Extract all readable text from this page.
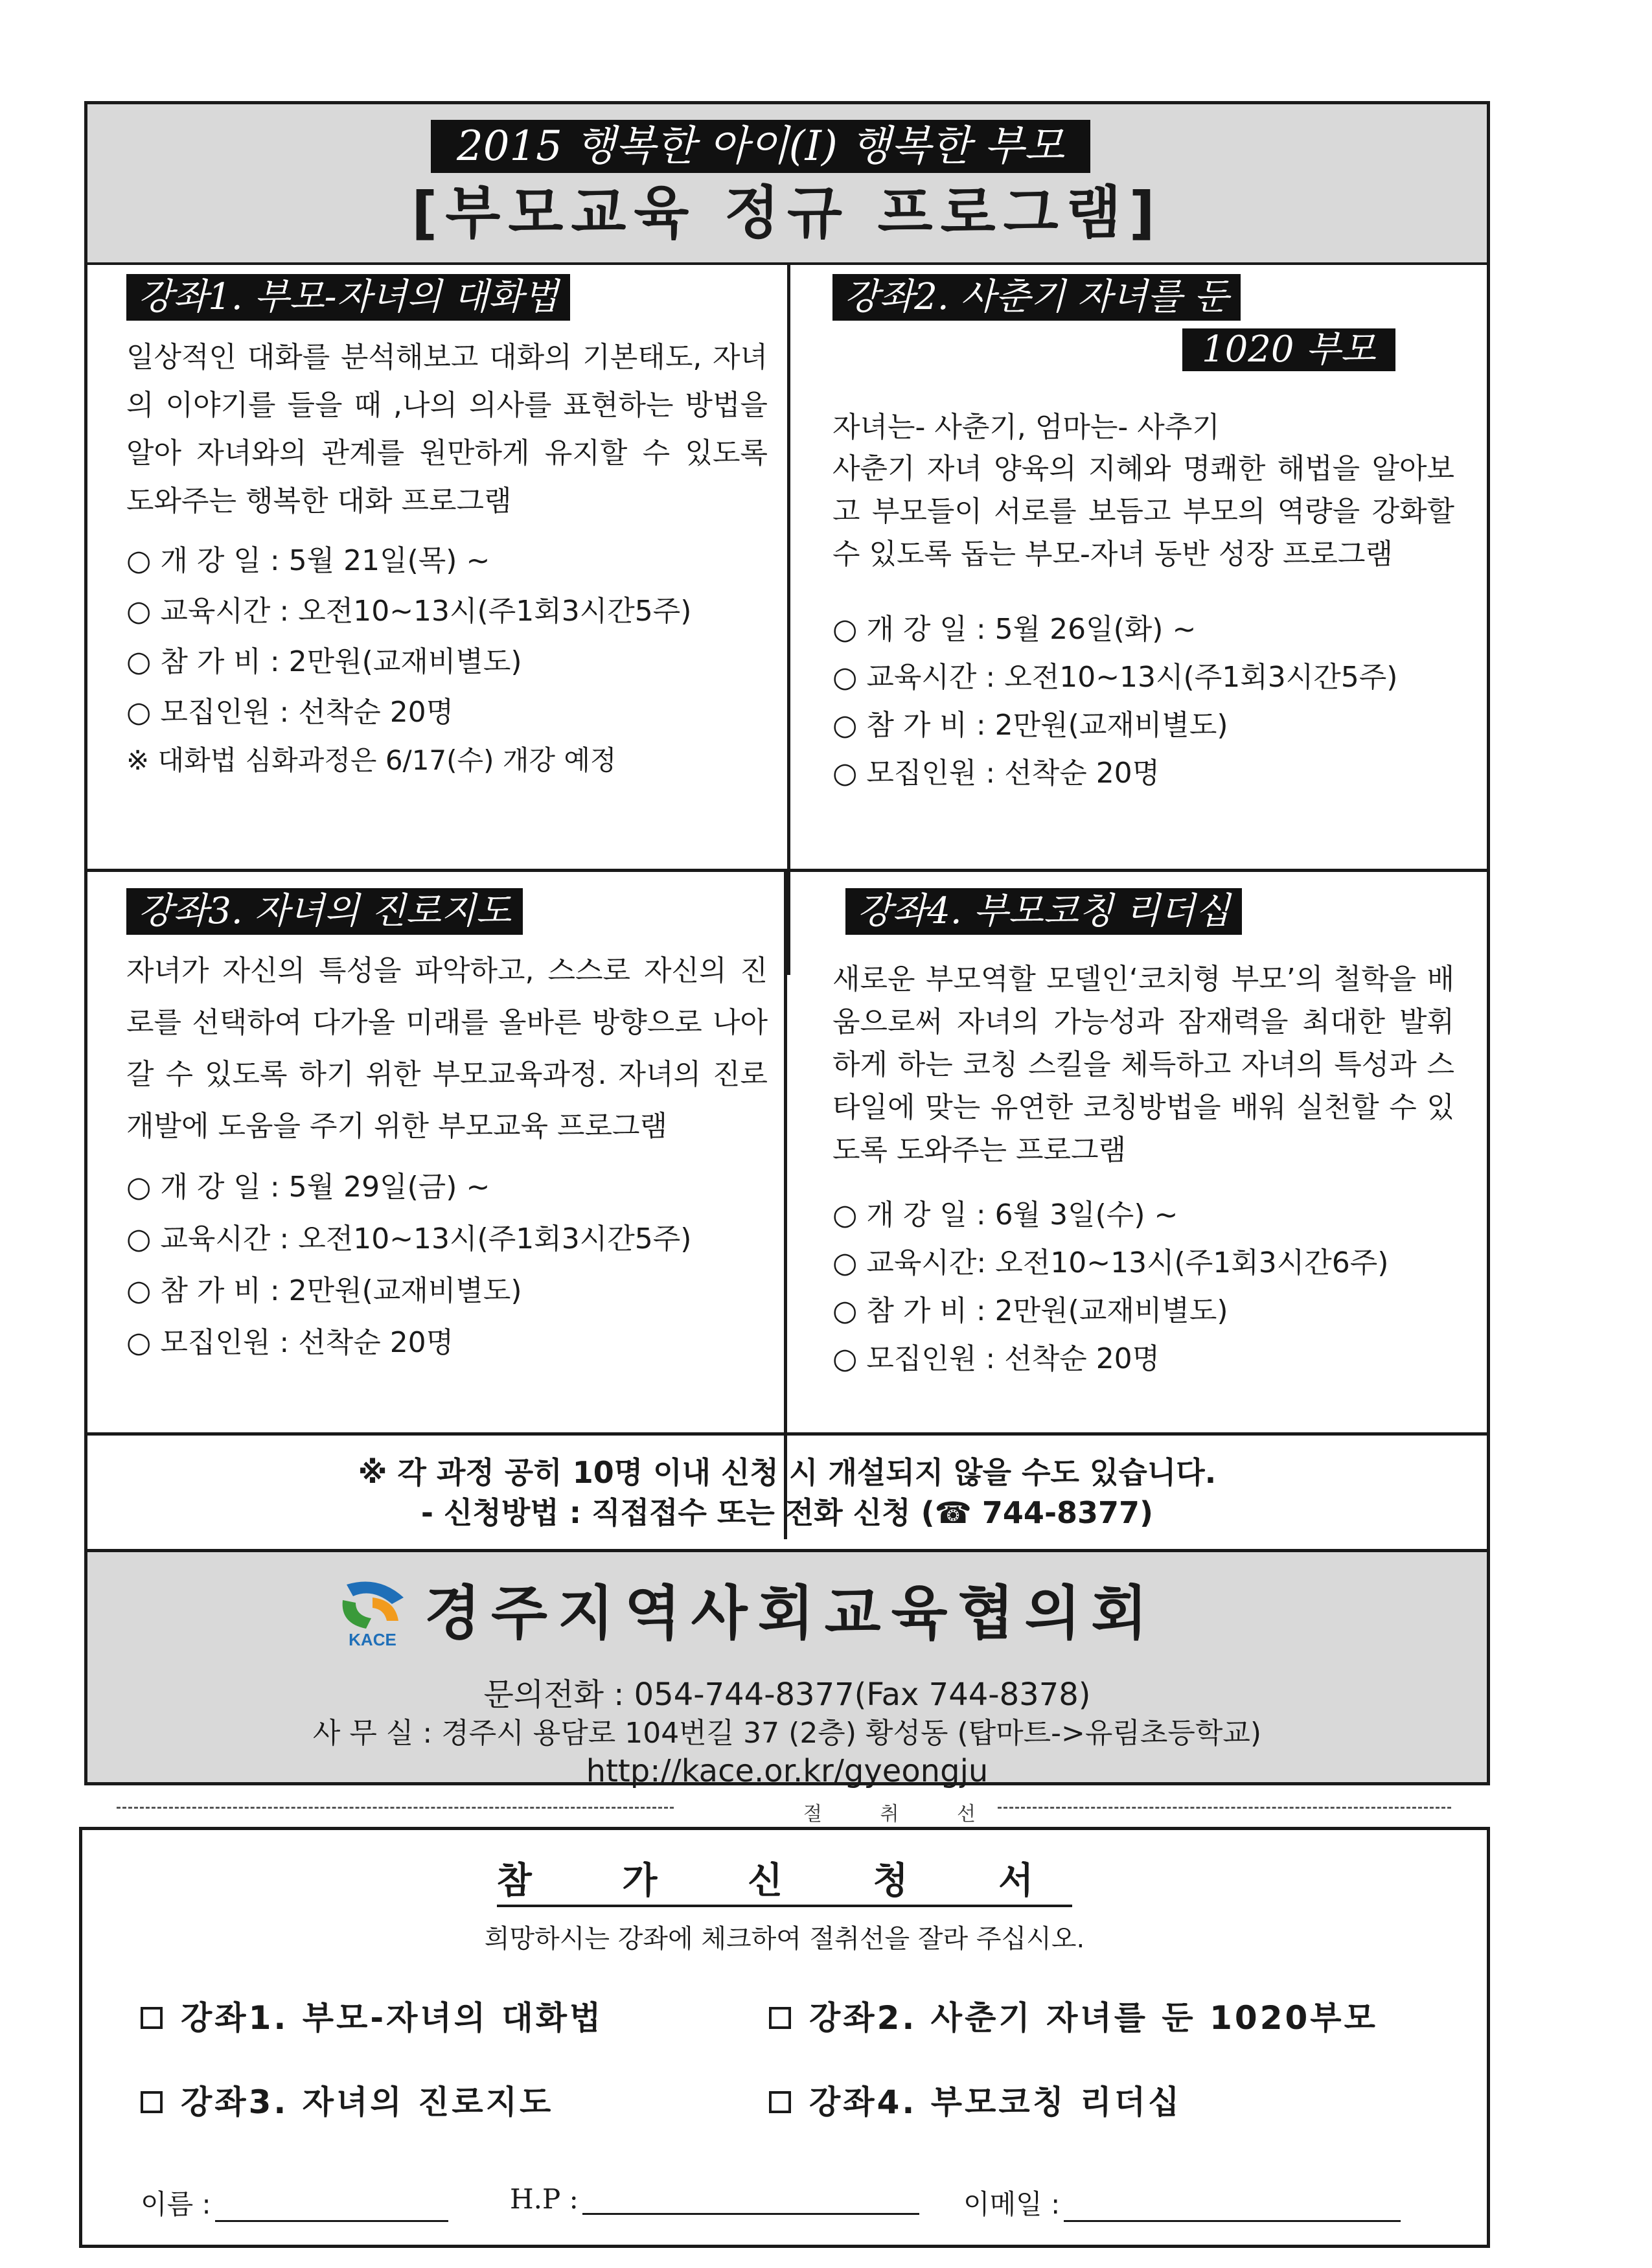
2015 행복한 아이(I) 행복한 부모
[부모교육 정규 프로그램]
강좌1. 부모-자녀의 대화법

일상적인 대화를 분석해보고 대화의 기본태도, 자녀의 이야기를 들을 때 ,나의 의사를 표현하는 방법을 알아 자녀와의 관계를 원만하게 유지할 수 있도록 도와주는 행복한 대화 프로그램

○ 개 강 일 : 5월 21일(목) ~
○ 교육시간 : 오전10~13시(주1회3시간5주)
○ 참 가 비 : 2만원(교재비별도)
○ 모집인원 : 선착순 20명
※ 대화법 심화과정은 6/17(수) 개강 예정
강좌2. 사춘기 자녀를 둔
1020 부모

자녀는- 사춘기, 엄마는- 사추기

사춘기 자녀 양육의 지혜와 명쾌한 해법을 알아보고 부모들이 서로를 보듬고 부모의 역량을 강화할 수 있도록 돕는 부모-자녀 동반 성장 프로그램

○ 개 강 일 : 5월 26일(화) ~
○ 교육시간 : 오전10~13시(주1회3시간5주)
○ 참 가 비 : 2만원(교재비별도)
○ 모집인원 : 선착순 20명
강좌3. 자녀의 진로지도

자녀가 자신의 특성을 파악하고, 스스로 자신의 진로를 선택하여 다가올 미래를 올바른 방향으로 나아갈 수 있도록 하기 위한 부모교육과정. 자녀의 진로개발에 도움을 주기 위한 부모교육 프로그램

○ 개 강 일 : 5월 29일(금) ~
○ 교육시간 : 오전10~13시(주1회3시간5주)
○ 참 가 비 : 2만원(교재비별도)
○ 모집인원 : 선착순 20명
강좌4. 부모코칭 리더십

새로운 부모역할 모델인‘코치형 부모’의 철학을 배움으로써 자녀의 가능성과 잠재력을 최대한 발휘하게 하는 코칭 스킬을 체득하고 자녀의 특성과 스타일에 맞는 유연한 코칭방법을 배워 실천할 수 있도록 도와주는 프로그램

○ 개 강 일 : 6월 3일(수) ~
○ 교육시간: 오전10~13시(주1회3시간6주)
○ 참 가 비 : 2만원(교재비별도)
○ 모집인원 : 선착순 20명
※ 각 과정 공히 10명 이내 신청 시 개설되지 않을 수도 있습니다.
- 신청방법 : 직접접수 또는 전화 신청 (☎ 744-8377)
KACE 경주지역사회교육협의회
문의전화 : 054-744-8377(Fax 744-8378)
사 무 실 : 경주시 용담로 104번길 37 (2층) 황성동 (탑마트->유림초등학교)
http://kace.or.kr/gyeongju
절 취 선
참 가 신 청 서
희망하시는 강좌에 체크하여 절취선을 잘라 주십시오.
강좌1. 부모-자녀의 대화법	강좌2. 사춘기 자녀를 둔 1020부모
강좌3. 자녀의 진로지도	강좌4. 부모코칭 리더십
이름 :	H.P :	이메일 :
